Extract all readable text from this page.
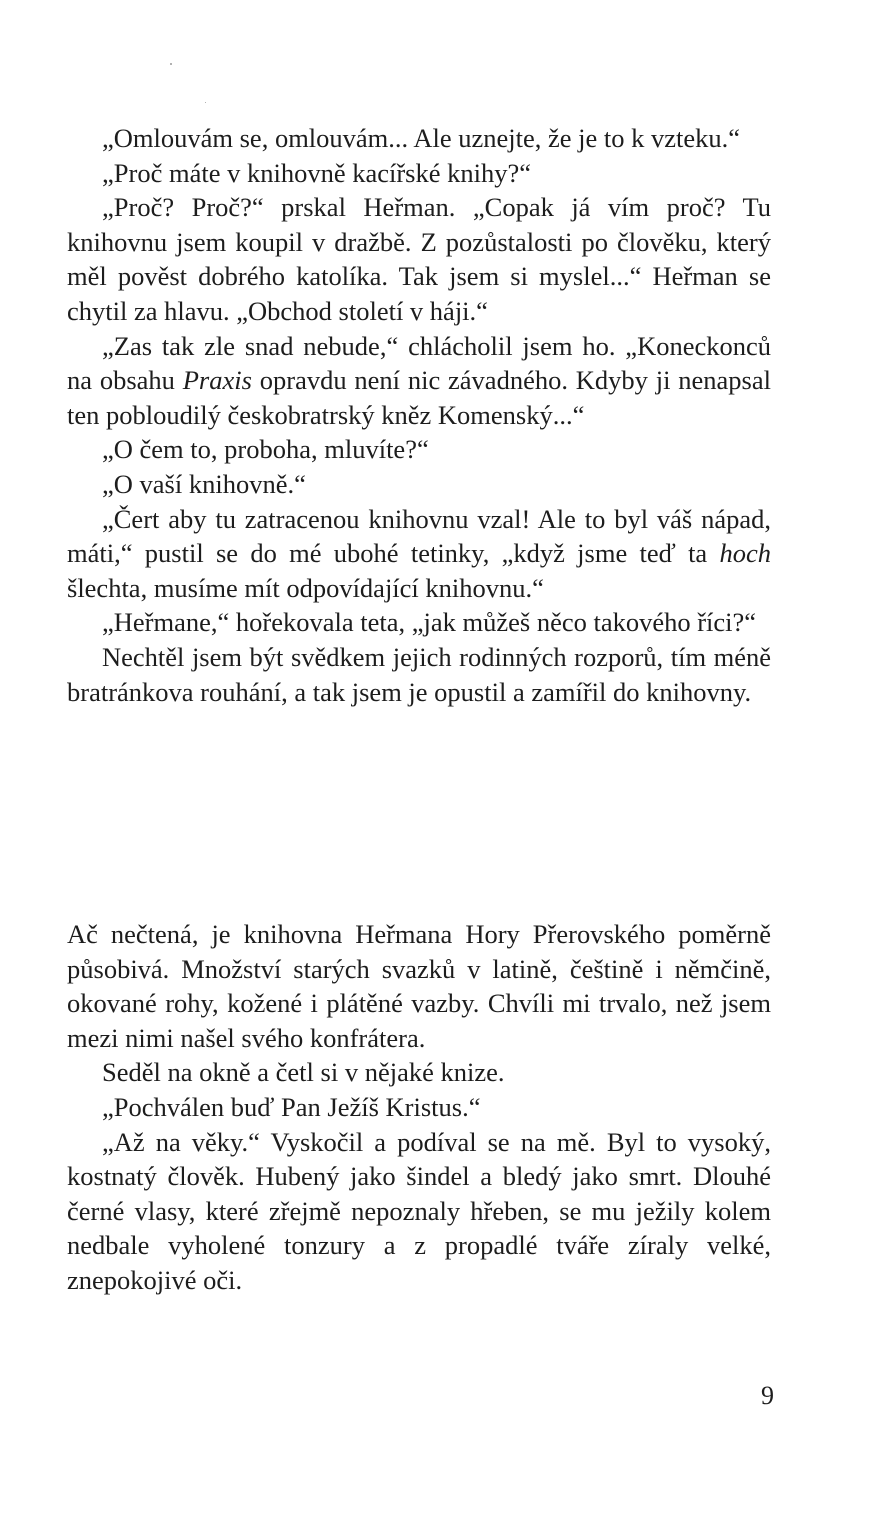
„Omlouvám se, omlouvám... Ale uznejte, že je to k vzteku.“

„Proč máte v knihovně kacířské knihy?“

„Proč? Proč?“ prskal Heřman. „Copak já vím proč? Tu knihovnu jsem koupil v dražbě. Z pozůstalosti po člověku, který měl pověst dobrého katolíka. Tak jsem si myslel...“ Heřman se chytil za hlavu. „Obchod století v háji.“

„Zas tak zle snad nebude,“ chlácholil jsem ho. „Koneckonců na obsahu Praxis opravdu není nic závadného. Kdyby ji nenapsal ten pobloudilý českobratrský kněz Komenský...“

„O čem to, proboha, mluvíte?“

„O vaší knihovně.“

„Čert aby tu zatracenou knihovnu vzal! Ale to byl váš nápad, máti,“ pustil se do mé ubohé tetinky, „když jsme teď ta hoch šlechta, musíme mít odpovídající knihovnu.“

„Heřmane,“ hořekovala teta, „jak můžeš něco takového říci?“

Nechtěl jsem být svědkem jejich rodinných rozporů, tím méně bratránkova rouhání, a tak jsem je opustil a zamířil do knihovny.

Ač nečtená, je knihovna Heřmana Hory Přerovského poměrně působivá. Množství starých svazků v latině, češtině i němčině, okované rohy, kožené i plátěné vazby. Chvíli mi trvalo, než jsem mezi nimi našel svého konfrátera.

Seděl na okně a četl si v nějaké knize.

„Pochválen buď Pan Ježíš Kristus.“

„Až na věky.“ Vyskočil a podíval se na mě. Byl to vysoký, kostnatý člověk. Hubený jako šindel a bledý jako smrt. Dlouhé černé vlasy, které zřejmě nepoznaly hřeben, se mu ježily kolem nedbale vyholené tonzury a z propadlé tváře zíraly velké, znepokojivé oči.

9
